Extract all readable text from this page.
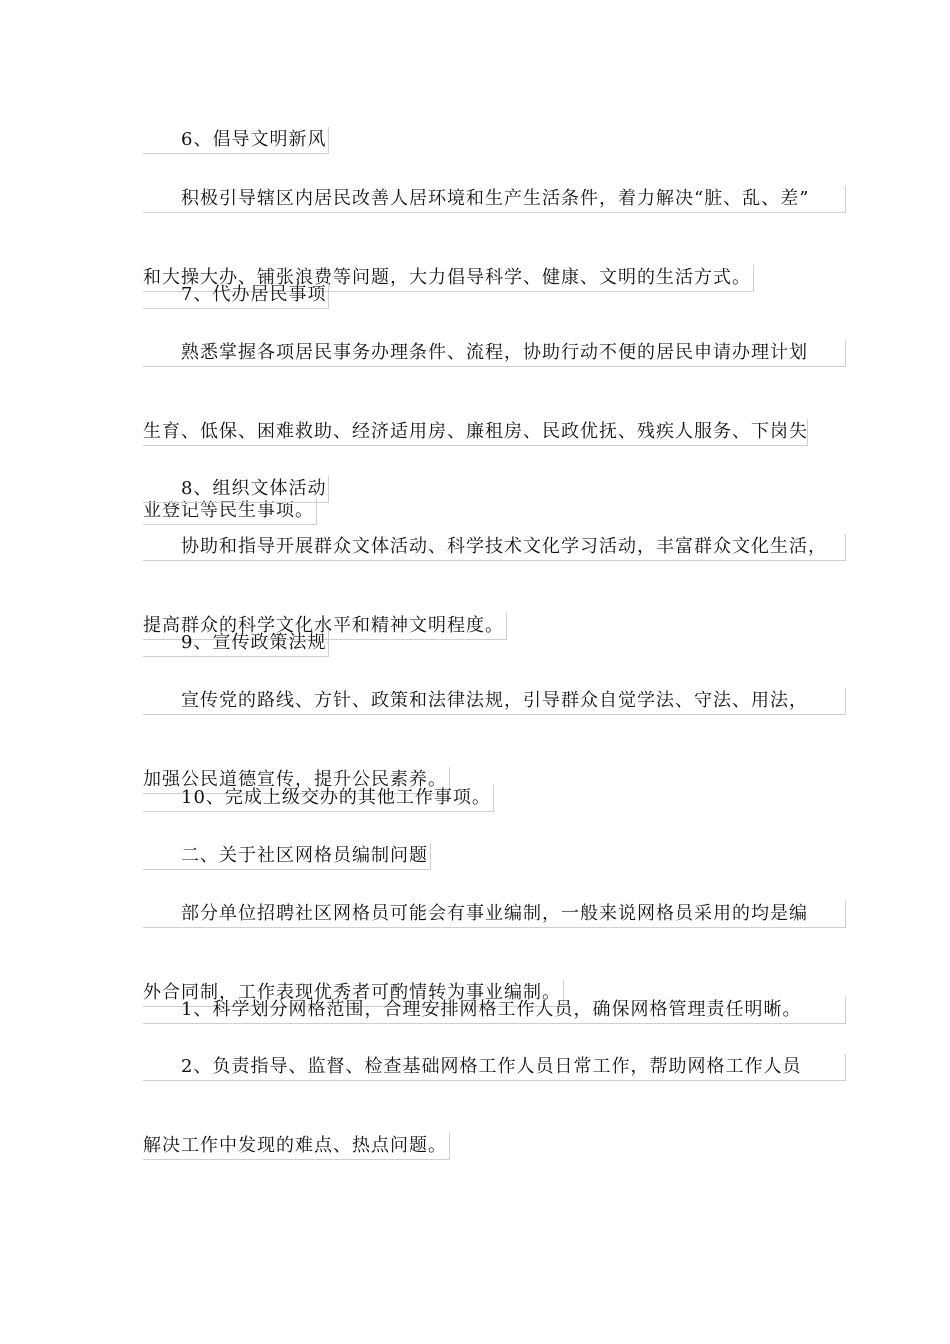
6、倡导文明新风
积极引导辖区内居民改善人居环境和生产生活条件，着力解决“脏、乱、差”

和大操大办、铺张浪费等问题，大力倡导科学、健康、文明的生活方式。
7、代办居民事项
熟悉掌握各项居民事务办理条件、流程，协助行动不便的居民申请办理计划

生育、低保、困难救助、经济适用房、廉租房、民政优抚、残疾人服务、下岗失

业登记等民生事项。
8、组织文体活动
协助和指导开展群众文体活动、科学技术文化学习活动，丰富群众文化生活，

提高群众的科学文化水平和精神文明程度。
9、宣传政策法规
宣传党的路线、方针、政策和法律法规，引导群众自觉学法、守法、用法，

加强公民道德宣传，提升公民素养。
10、完成上级交办的其他工作事项。
二、关于社区网格员编制问题
部分单位招聘社区网格员可能会有事业编制，一般来说网格员采用的均是编

外合同制，工作表现优秀者可酌情转为事业编制。
1、科学划分网格范围，合理安排网格工作人员，确保网格管理责任明晰。
2、负责指导、监督、检查基础网格工作人员日常工作，帮助网格工作人员

解决工作中发现的难点、热点问题。
